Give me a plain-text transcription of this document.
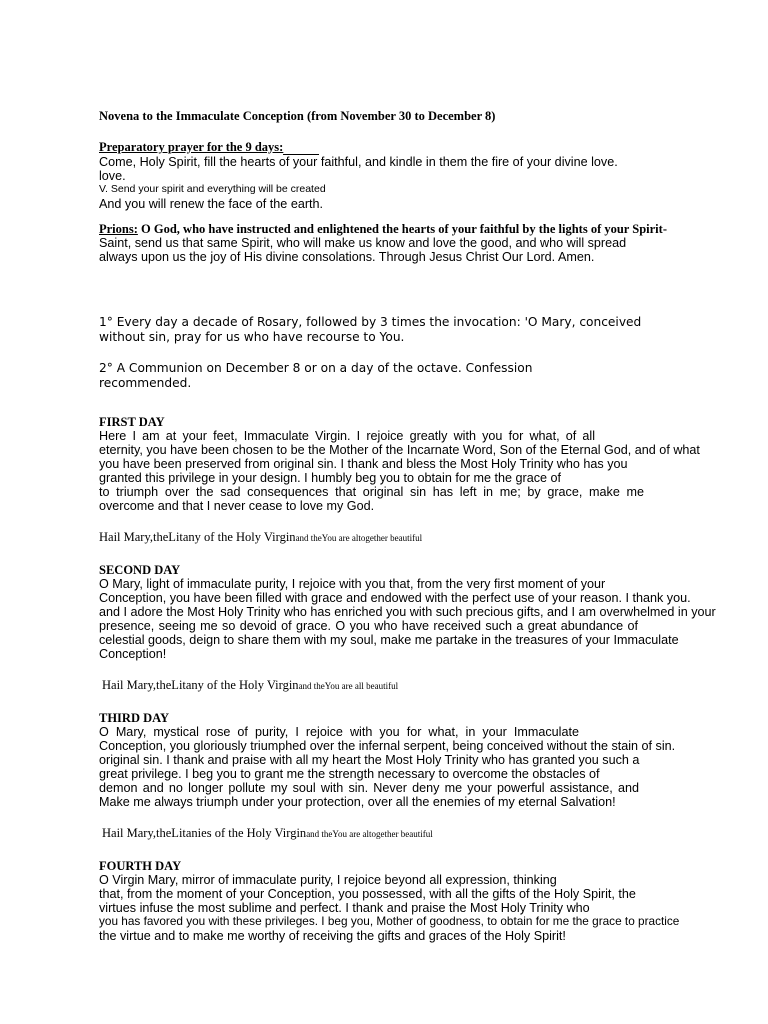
Novena to the Immaculate Conception (from November 30 to December 8)
Preparatory prayer for the 9 days:
Come, Holy Spirit, fill the hearts of your faithful, and kindle in them the fire of your divine love.
love.
V. Send your spirit and everything will be created
And you will renew the face of the earth.
Prions: O God, who have instructed and enlightened the hearts of your faithful by the lights of your Spirit-
Saint, send us that same Spirit, who will make us know and love the good, and who will spread
always upon us the joy of His divine consolations. Through Jesus Christ Our Lord. Amen.
1° Every day a decade of Rosary, followed by 3 times the invocation: 'O Mary, conceived
without sin, pray for us who have recourse to You.
2° A Communion on December 8 or on a day of the octave. Confession
recommended.
FIRST DAY
Here I am at your feet, Immaculate Virgin. I rejoice greatly with you for what, of all
eternity, you have been chosen to be the Mother of the Incarnate Word, Son of the Eternal God, and of what
you have been preserved from original sin. I thank and bless the Most Holy Trinity who has you
granted this privilege in your design. I humbly beg you to obtain for me the grace of
to triumph over the sad consequences that original sin has left in me; by grace, make me
overcome and that I never cease to love my God.
Hail Mary,theLitany of the Holy Virginand theYou are altogether beautiful
SECOND DAY
O Mary, light of immaculate purity, I rejoice with you that, from the very first moment of your
Conception, you have been filled with grace and endowed with the perfect use of your reason. I thank you.
and I adore the Most Holy Trinity who has enriched you with such precious gifts, and I am overwhelmed in your
presence, seeing me so devoid of grace. O you who have received such a great abundance of
celestial goods, deign to share them with my soul, make me partake in the treasures of your Immaculate
Conception!
Hail Mary,theLitany of the Holy Virginand theYou are all beautiful
THIRD DAY
O Mary, mystical rose of purity, I rejoice with you for what, in your Immaculate
Conception, you gloriously triumphed over the infernal serpent, being conceived without the stain of sin.
original sin. I thank and praise with all my heart the Most Holy Trinity who has granted you such a
great privilege. I beg you to grant me the strength necessary to overcome the obstacles of
demon and no longer pollute my soul with sin. Never deny me your powerful assistance, and
Make me always triumph under your protection, over all the enemies of my eternal Salvation!
Hail Mary,theLitanies of the Holy Virginand theYou are altogether beautiful
FOURTH DAY
O Virgin Mary, mirror of immaculate purity, I rejoice beyond all expression, thinking
that, from the moment of your Conception, you possessed, with all the gifts of the Holy Spirit, the
virtues infuse the most sublime and perfect. I thank and praise the Most Holy Trinity who
you has favored you with these privileges. I beg you, Mother of goodness, to obtain for me the grace to practice
the virtue and to make me worthy of receiving the gifts and graces of the Holy Spirit!
